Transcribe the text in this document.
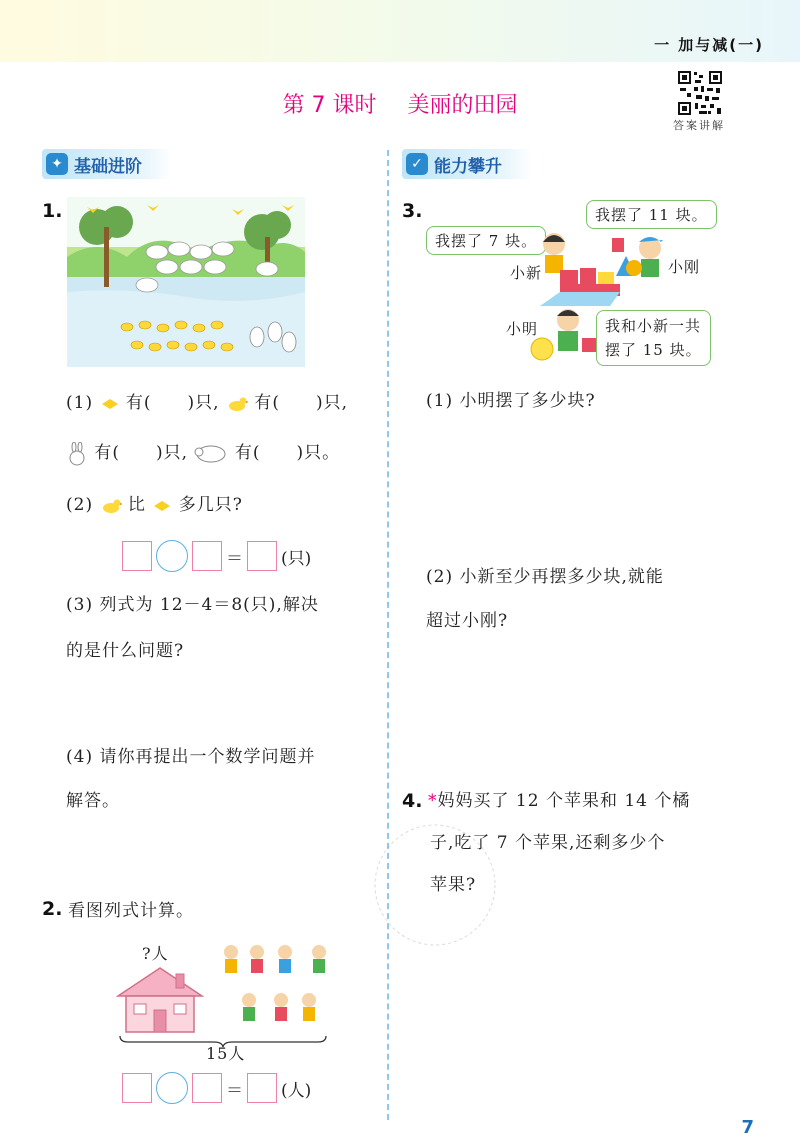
一 加与减(一)
答案讲解
第 7 课时 美丽的田园
✦ 基础进阶
1.
(1) 有(　　)只, 有(　　)只,
有(　　)只,	有(　　)只。
(2) 比 多几只?
＝ (只)
(3) 列式为 12－4＝8(只),解决
的是什么问题?
(4) 请你再提出一个数学问题并
解答。
2. 看图列式计算。
?人
15人
＝ (人)
✓ 能力攀升
3.	我摆了 11 块。
我摆了 7 块。
我和小新一共
摆了 15 块。
小新	小刚
小明
(1) 小明摆了多少块?
(2) 小新至少再摆多少块,就能
超过小刚?
4. *妈妈买了 12 个苹果和 14 个橘
子,吃了 7 个苹果,还剩多少个
苹果?
7
